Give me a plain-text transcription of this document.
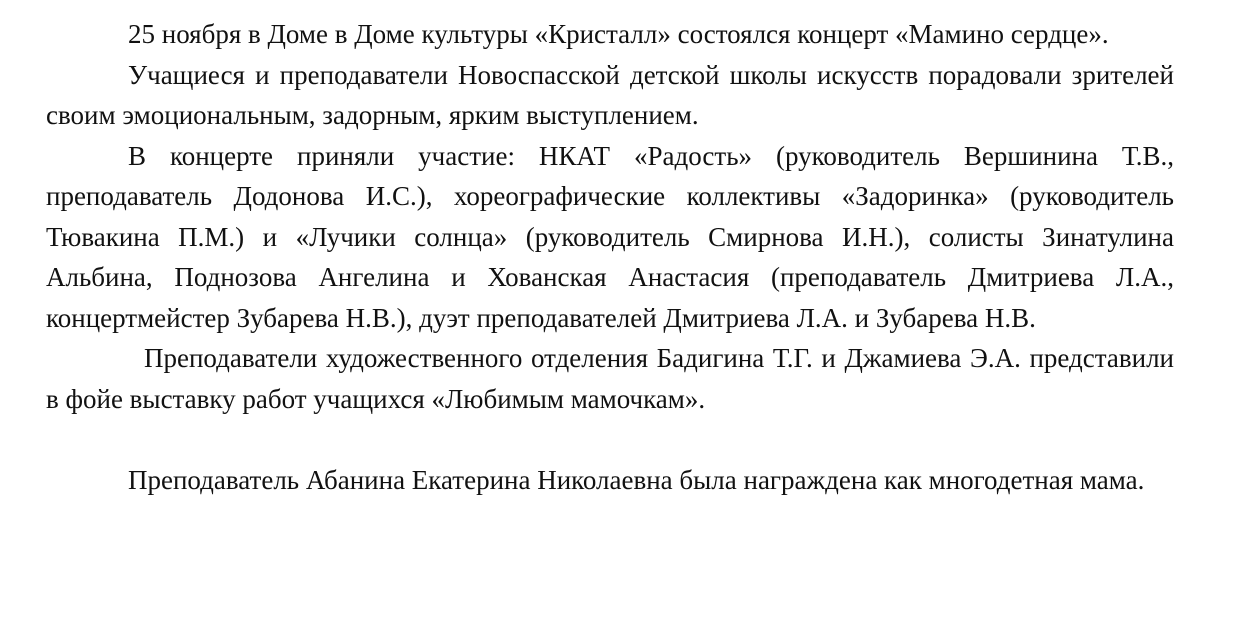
25 ноября в Доме в Доме культуры «Кристалл» состоялся концерт «Мамино сердце».

Учащиеся и преподаватели Новоспасской детской школы искусств порадовали зрителей своим эмоциональным, задорным, ярким выступлением.

В концерте приняли участие: НКАТ «Радость» (руководитель Вершинина Т.В., преподаватель Додонова И.С.), хореографические коллективы «Задоринка» (руководитель Тювакина П.М.) и «Лучики солнца» (руководитель Смирнова И.Н.), солисты Зинатулина Альбина, Поднозова Ангелина и Хованская Анастасия (преподаватель Дмитриева Л.А., концертмейстер Зубарева Н.В.), дуэт преподавателей Дмитриева Л.А. и Зубарева Н.В.

Преподаватели художественного отделения Бадигина Т.Г. и Джамиева Э.А. представили в фойе выставку работ учащихся «Любимым мамочкам».

Преподаватель Абанина Екатерина Николаевна была награждена как многодетная мама.
